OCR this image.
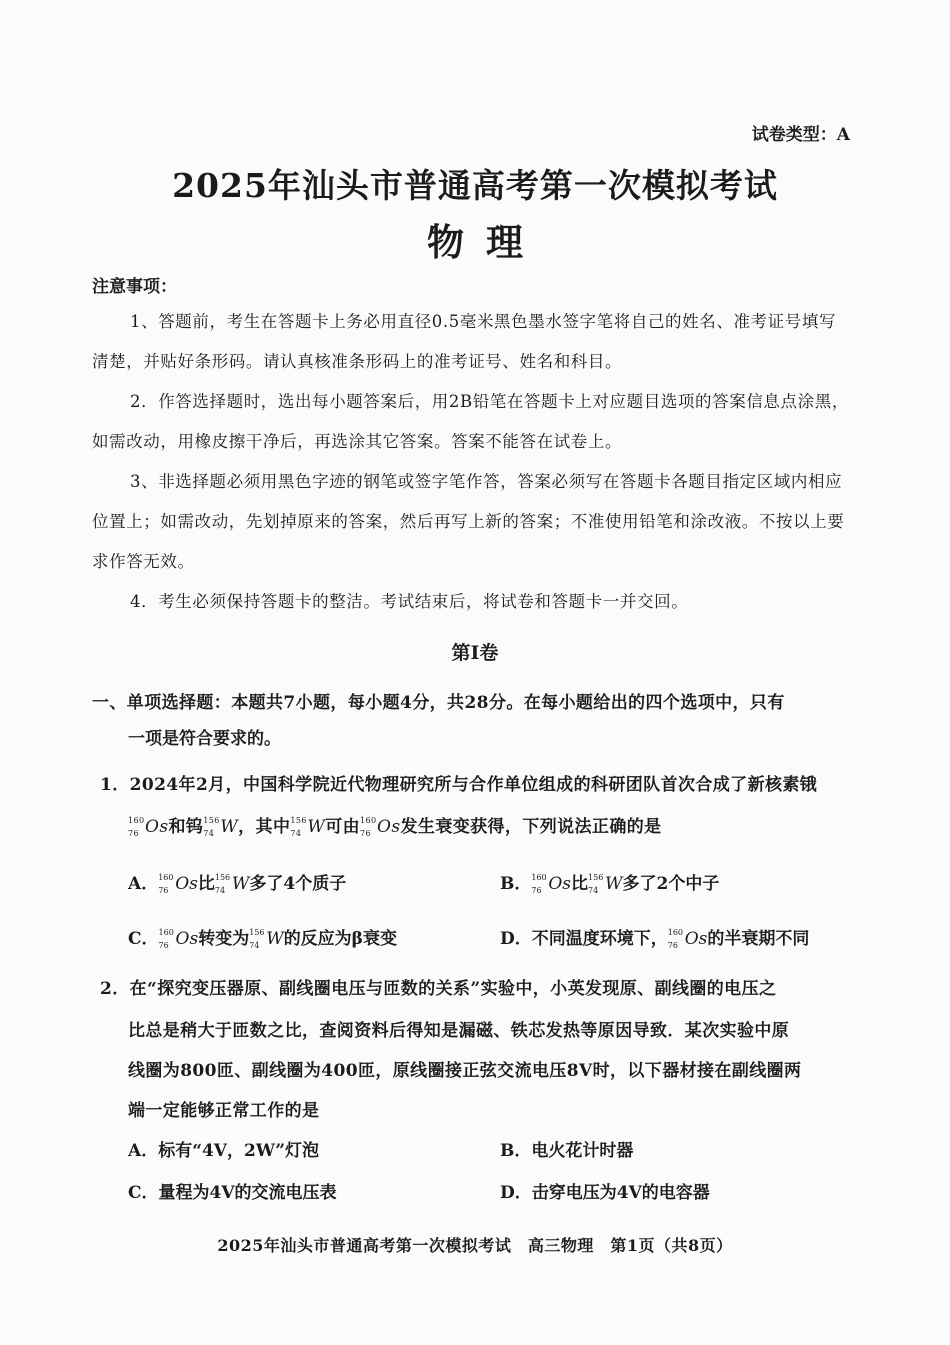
试卷类型：A
2025年汕头市普通高考第一次模拟考试
物理
注意事项：
1、答题前，考生在答题卡上务必用直径0.5毫米黑色墨水签字笔将自己的姓名、准考证号填写清楚，并贴好条形码。请认真核准条形码上的准考证号、姓名和科目。
2．作答选择题时，选出每小题答案后，用2B铅笔在答题卡上对应题目选项的答案信息点涂黑，如需改动，用橡皮擦干净后，再选涂其它答案。答案不能答在试卷上。
3、非选择题必须用黑色字迹的钢笔或签字笔作答，答案必须写在答题卡各题目指定区域内相应位置上；如需改动，先划掉原来的答案，然后再写上新的答案；不准使用铅笔和涂改液。不按以上要求作答无效。
4．考生必须保持答题卡的整洁。考试结束后，将试卷和答题卡一并交回。
第Ⅰ卷
一、单项选择题：本题共7小题，每小题4分，共28分。在每小题给出的四个选项中，只有
一项是符合要求的。
1．2024年2月，中国科学院近代物理研究所与合作单位组成的科研团队首次合成了新核素锇
160
76 Os和钨 156
74 W，其中 156
74 W可由 160
76 Os发生衰变获得，下列说法正确的是
A． 160
76 Os比 156
74 W多了4个质子	B． 160
76 Os比 156
74 W多了2个中子
C． 160
76 Os转变为 156
74 W的反应为β衰变	D．不同温度环境下， 160
76 Os的半衰期不同
2．在“探究变压器原、副线圈电压与匝数的关系”实验中，小英发现原、副线圈的电压之
比总是稍大于匝数之比，查阅资料后得知是漏磁、铁芯发热等原因导致．某次实验中原
线圈为800匝、副线圈为400匝，原线圈接正弦交流电压8V时，以下器材接在副线圈两
端一定能够正常工作的是
A．标有“4V，2W”灯泡	B．电火花计时器
C．量程为4V的交流电压表	D．击穿电压为4V的电容器
2025年汕头市普通高考第一次模拟考试　高三物理　第1页（共8页）
